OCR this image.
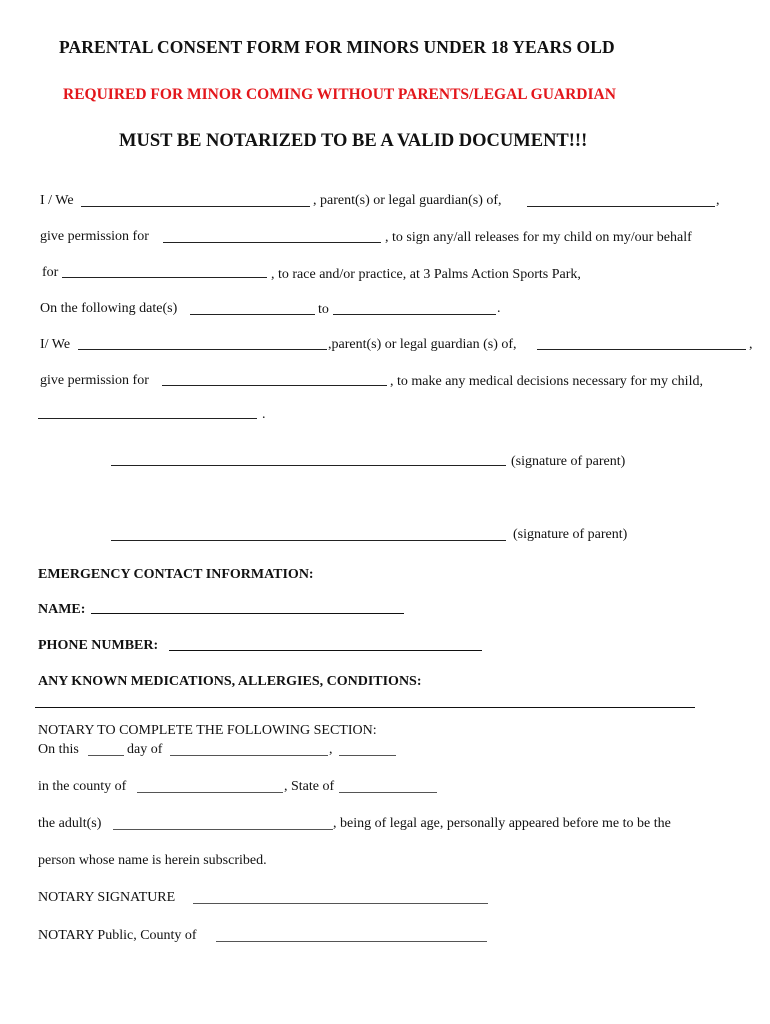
PARENTAL CONSENT FORM FOR MINORS UNDER 18 YEARS OLD
REQUIRED FOR MINOR COMING WITHOUT PARENTS/LEGAL GUARDIAN
MUST BE NOTARIZED TO BE A VALID DOCUMENT!!!
I / We	, parent(s) or legal guardian(s) of,	,
give permission for	, to sign any/all releases for my child on my/our behalf
for	, to race and/or practice, at 3 Palms Action Sports Park,
On the following date(s)	to	.
I/ We	,parent(s) or legal guardian (s) of,	,
give permission for	, to make any medical decisions necessary for my child,
.
(signature of parent)
(signature of parent)
EMERGENCY CONTACT INFORMATION:
NAME:
PHONE NUMBER:
ANY KNOWN MEDICATIONS, ALLERGIES, CONDITIONS:
NOTARY TO COMPLETE THE FOLLOWING SECTION:
On this	day of	,
in the county of	, State of
the adult(s)	, being of legal age, personally appeared before me to be the
person whose name is herein subscribed.
NOTARY SIGNATURE
NOTARY Public, County of
